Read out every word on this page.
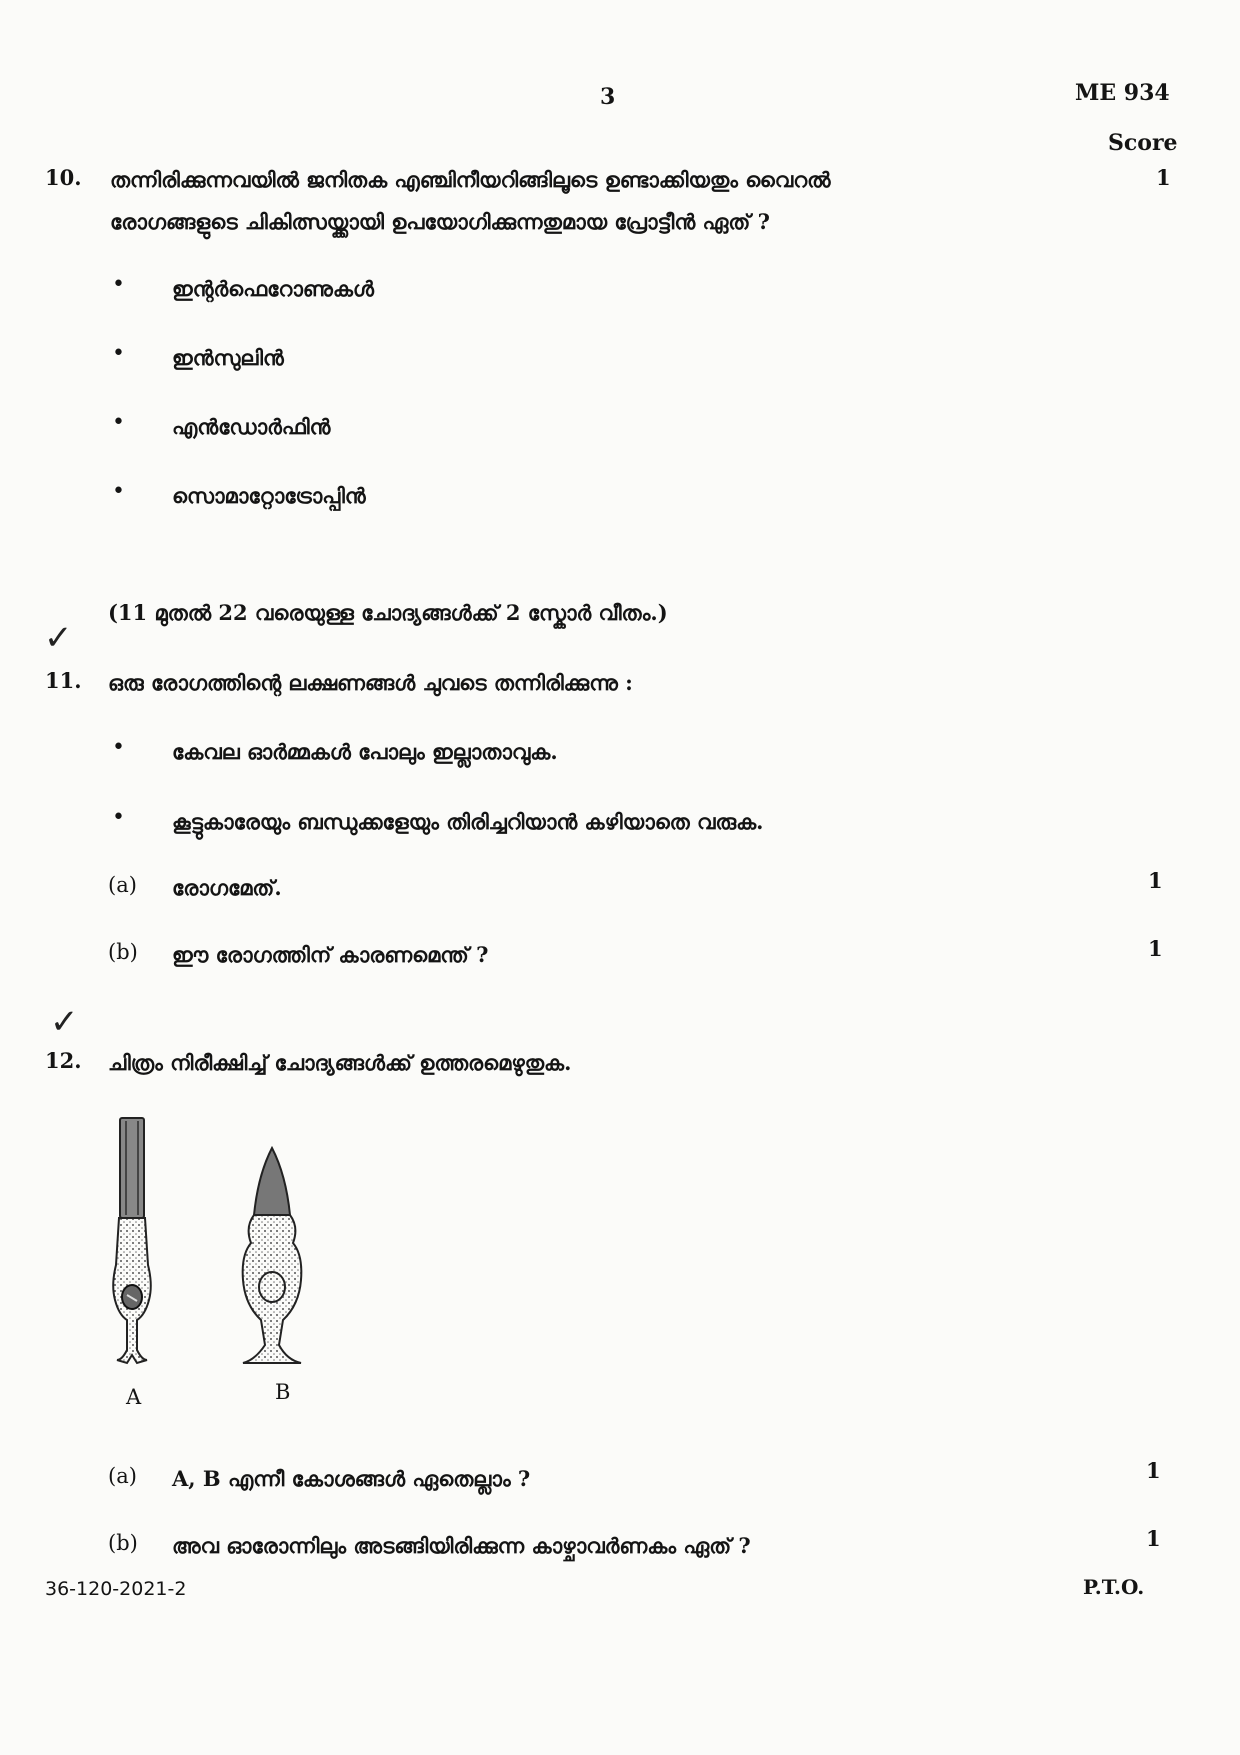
3	ME 934
Score
10. തന്നിരിക്കുന്നവയിൽ ജനിതക എഞ്ചിനീയറിങ്ങിലൂടെ ഉണ്ടാക്കിയതും വൈറൽ
രോഗങ്ങളുടെ ചികിത്സയ്ക്കായി ഉപയോഗിക്കുന്നതുമായ പ്രോട്ടീൻ ഏത് ?
1
• ഇന്റർഫെറോണുകൾ
• ഇൻസുലിൻ
• എൻഡോർഫിൻ
• സൊമാറ്റോട്രോപ്പിൻ
(11 മുതൽ 22 വരെയുള്ള ചോദ്യങ്ങൾക്ക് 2 സ്കോർ വീതം.)
✓
11. ഒരു രോഗത്തിന്റെ ലക്ഷണങ്ങൾ ചുവടെ തന്നിരിക്കുന്നു :
• കേവല ഓർമ്മകൾ പോലും ഇല്ലാതാവുക.
• കൂട്ടുകാരേയും ബന്ധുക്കളേയും തിരിച്ചറിയാൻ കഴിയാതെ വരുക.
(a) രോഗമേത്.	1
(b) ഈ രോഗത്തിന് കാരണമെന്ത് ?	1
✓
12. ചിത്രം നിരീക്ഷിച്ച് ചോദ്യങ്ങൾക്ക് ഉത്തരമെഴുതുക.
A	B
(a) A, B എന്നീ കോശങ്ങൾ ഏതെല്ലാം ?	1
(b) അവ ഓരോന്നിലും അടങ്ങിയിരിക്കുന്ന കാഴ്ചാവർണകം ഏത് ?	1
36-120-2021-2	P.T.O.
